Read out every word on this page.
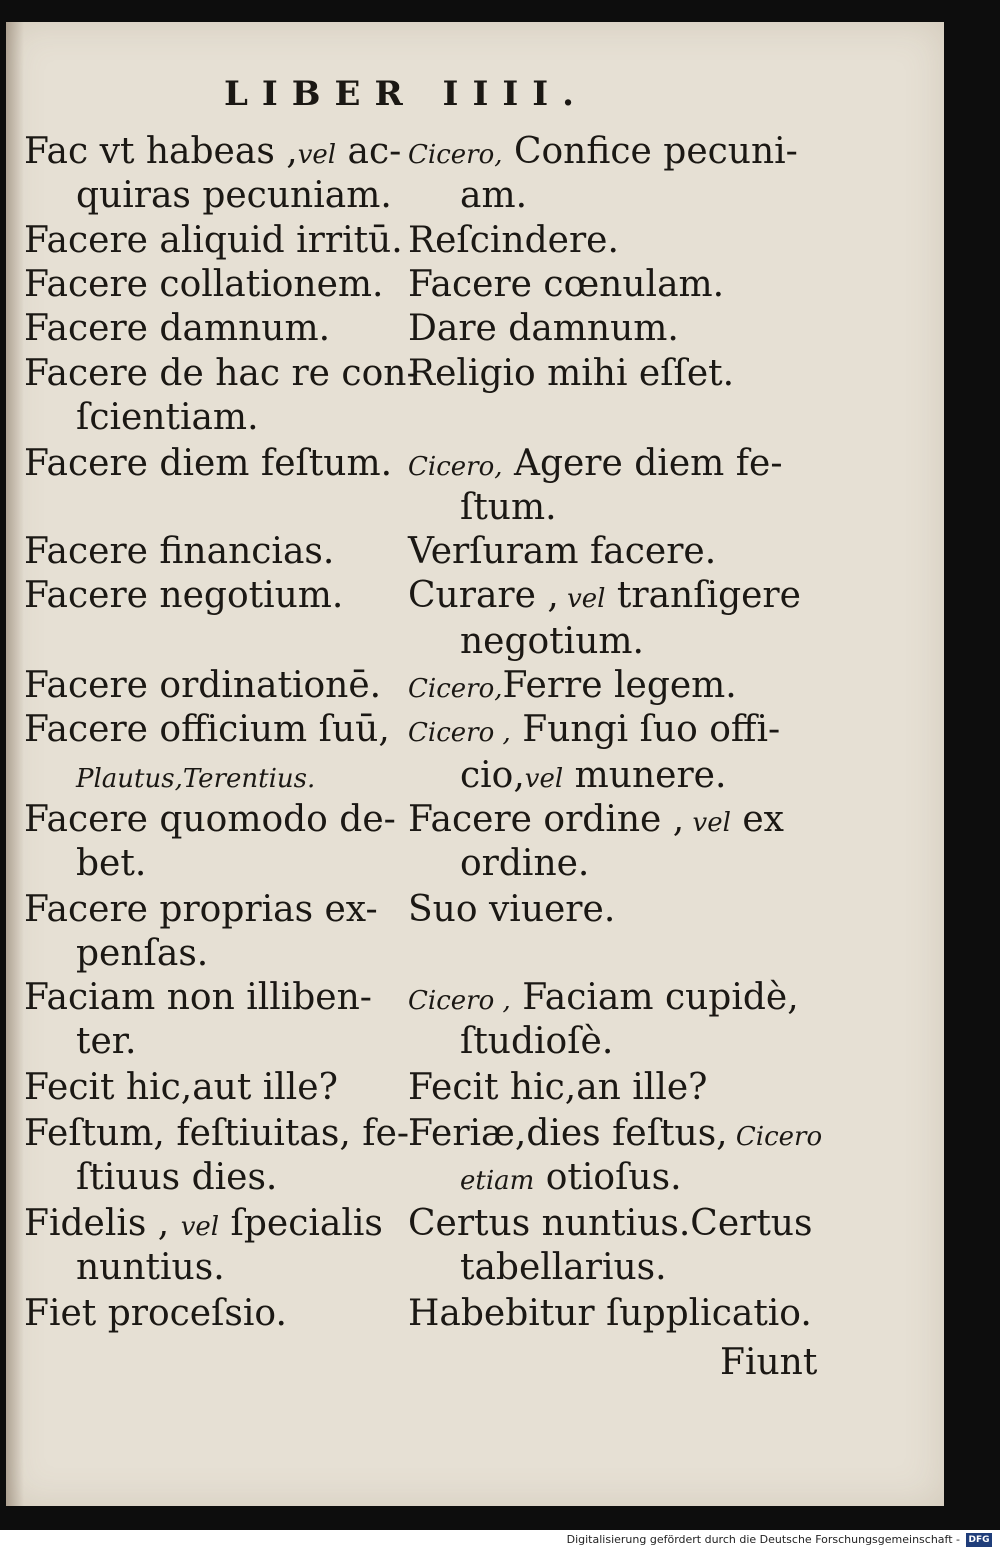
LIBER IIII.
Fac vt habeas ,vel ac-
quiras pecuniam.
Facere aliquid irritū.
Facere collationem.
Facere damnum.
Facere de hac re con-
ſcientiam.
Facere diem feſtum.
Facere financias.
Facere negotium.
Facere ordinationē.
Facere officium ſuū,
Plautus,Terentius.
Facere quomodo de-
bet.
Facere proprias ex-
penſas.
Faciam non illiben-
ter.
Fecit hic,aut ille?
Feſtum, feſtiuitas, fe-
ſtiuus dies.
Fidelis , vel ſpecialis
nuntius.
Fiet proceſsio.
Cicero, Confice pecuni-
am.
Reſcindere.
Facere cœnulam.
Dare damnum.
Religio mihi eſſet.
Cicero, Agere diem fe-
ſtum.
Verſuram facere.
Curare , vel tranſigere
negotium.
Cicero,Ferre legem.
Cicero , Fungi ſuo offi-
cio,vel munere.
Facere ordine , vel ex
ordine.
Suo viuere.
Cicero , Faciam cupidè,
ſtudioſè.
Fecit hic,an ille?
Feriæ,dies feſtus, Cicero
etiam otioſus.
Certus nuntius.Certus
tabellarius.
Habebitur ſupplicatio.
Fiunt
Digitalisierung gefördert durch die Deutsche Forschungsgemeinschaft - DFG
